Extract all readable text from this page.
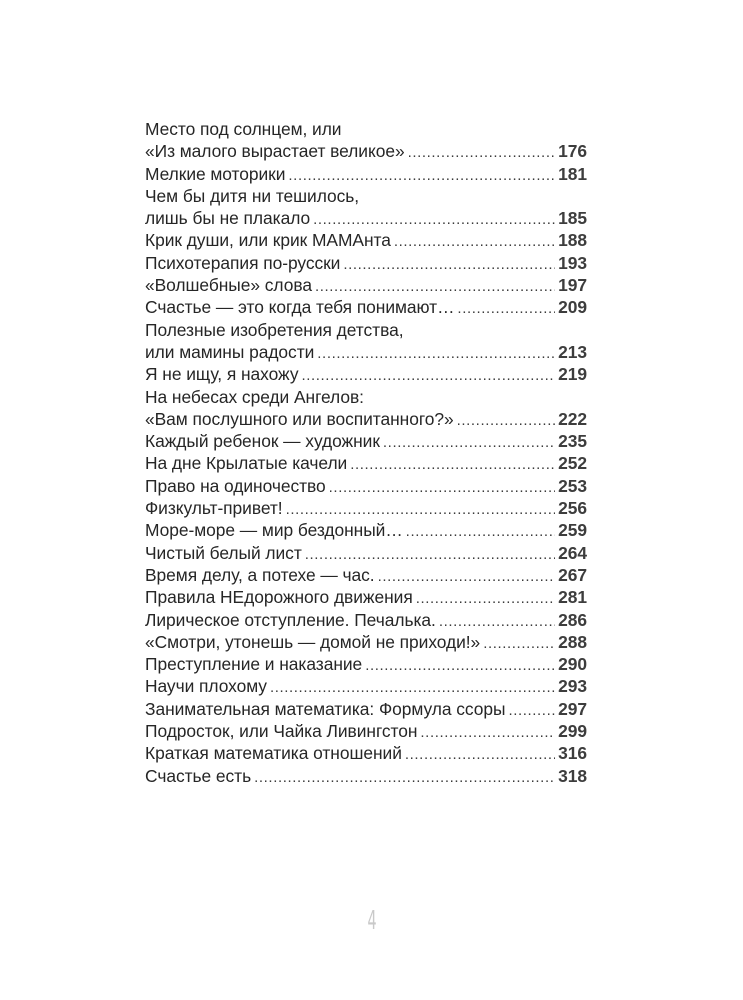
Место под солнцем, или
«Из малого вырастает великое» .....	176
Мелкие моторики .....	181
Чем бы дитя ни тешилось,
лишь бы не плакало .....	185
Крик души, или крик МАМАнта .....	188
Психотерапия по-русски .....	193
«Волшебные» слова .....	197
Счастье — это когда тебя понимают… .....	209
Полезные изобретения детства,
или мамины радости .....	213
Я не ищу, я нахожу .....	219
На небесах среди Ангелов:
«Вам послушного или воспитанного?» .....	222
Каждый ребенок — художник .....	235
На дне Крылатые качели .....	252
Право на одиночество .....	253
Физкульт-привет! .....	256
Море-море — мир бездонный… .....	259
Чистый белый лист .....	264
Время делу, а потехе — час. .....	267
Правила НЕдорожного движения .....	281
Лирическое отступление. Печалька. .....	286
«Смотри, утонешь — домой не приходи!» .....	288
Преступление и наказание .....	290
Научи плохому .....	293
Занимательная математика: Формула ссоры .....	297
Подросток, или Чайка Ливингстон .....	299
Краткая математика отношений .....	316
Счастье есть .....	318
4
